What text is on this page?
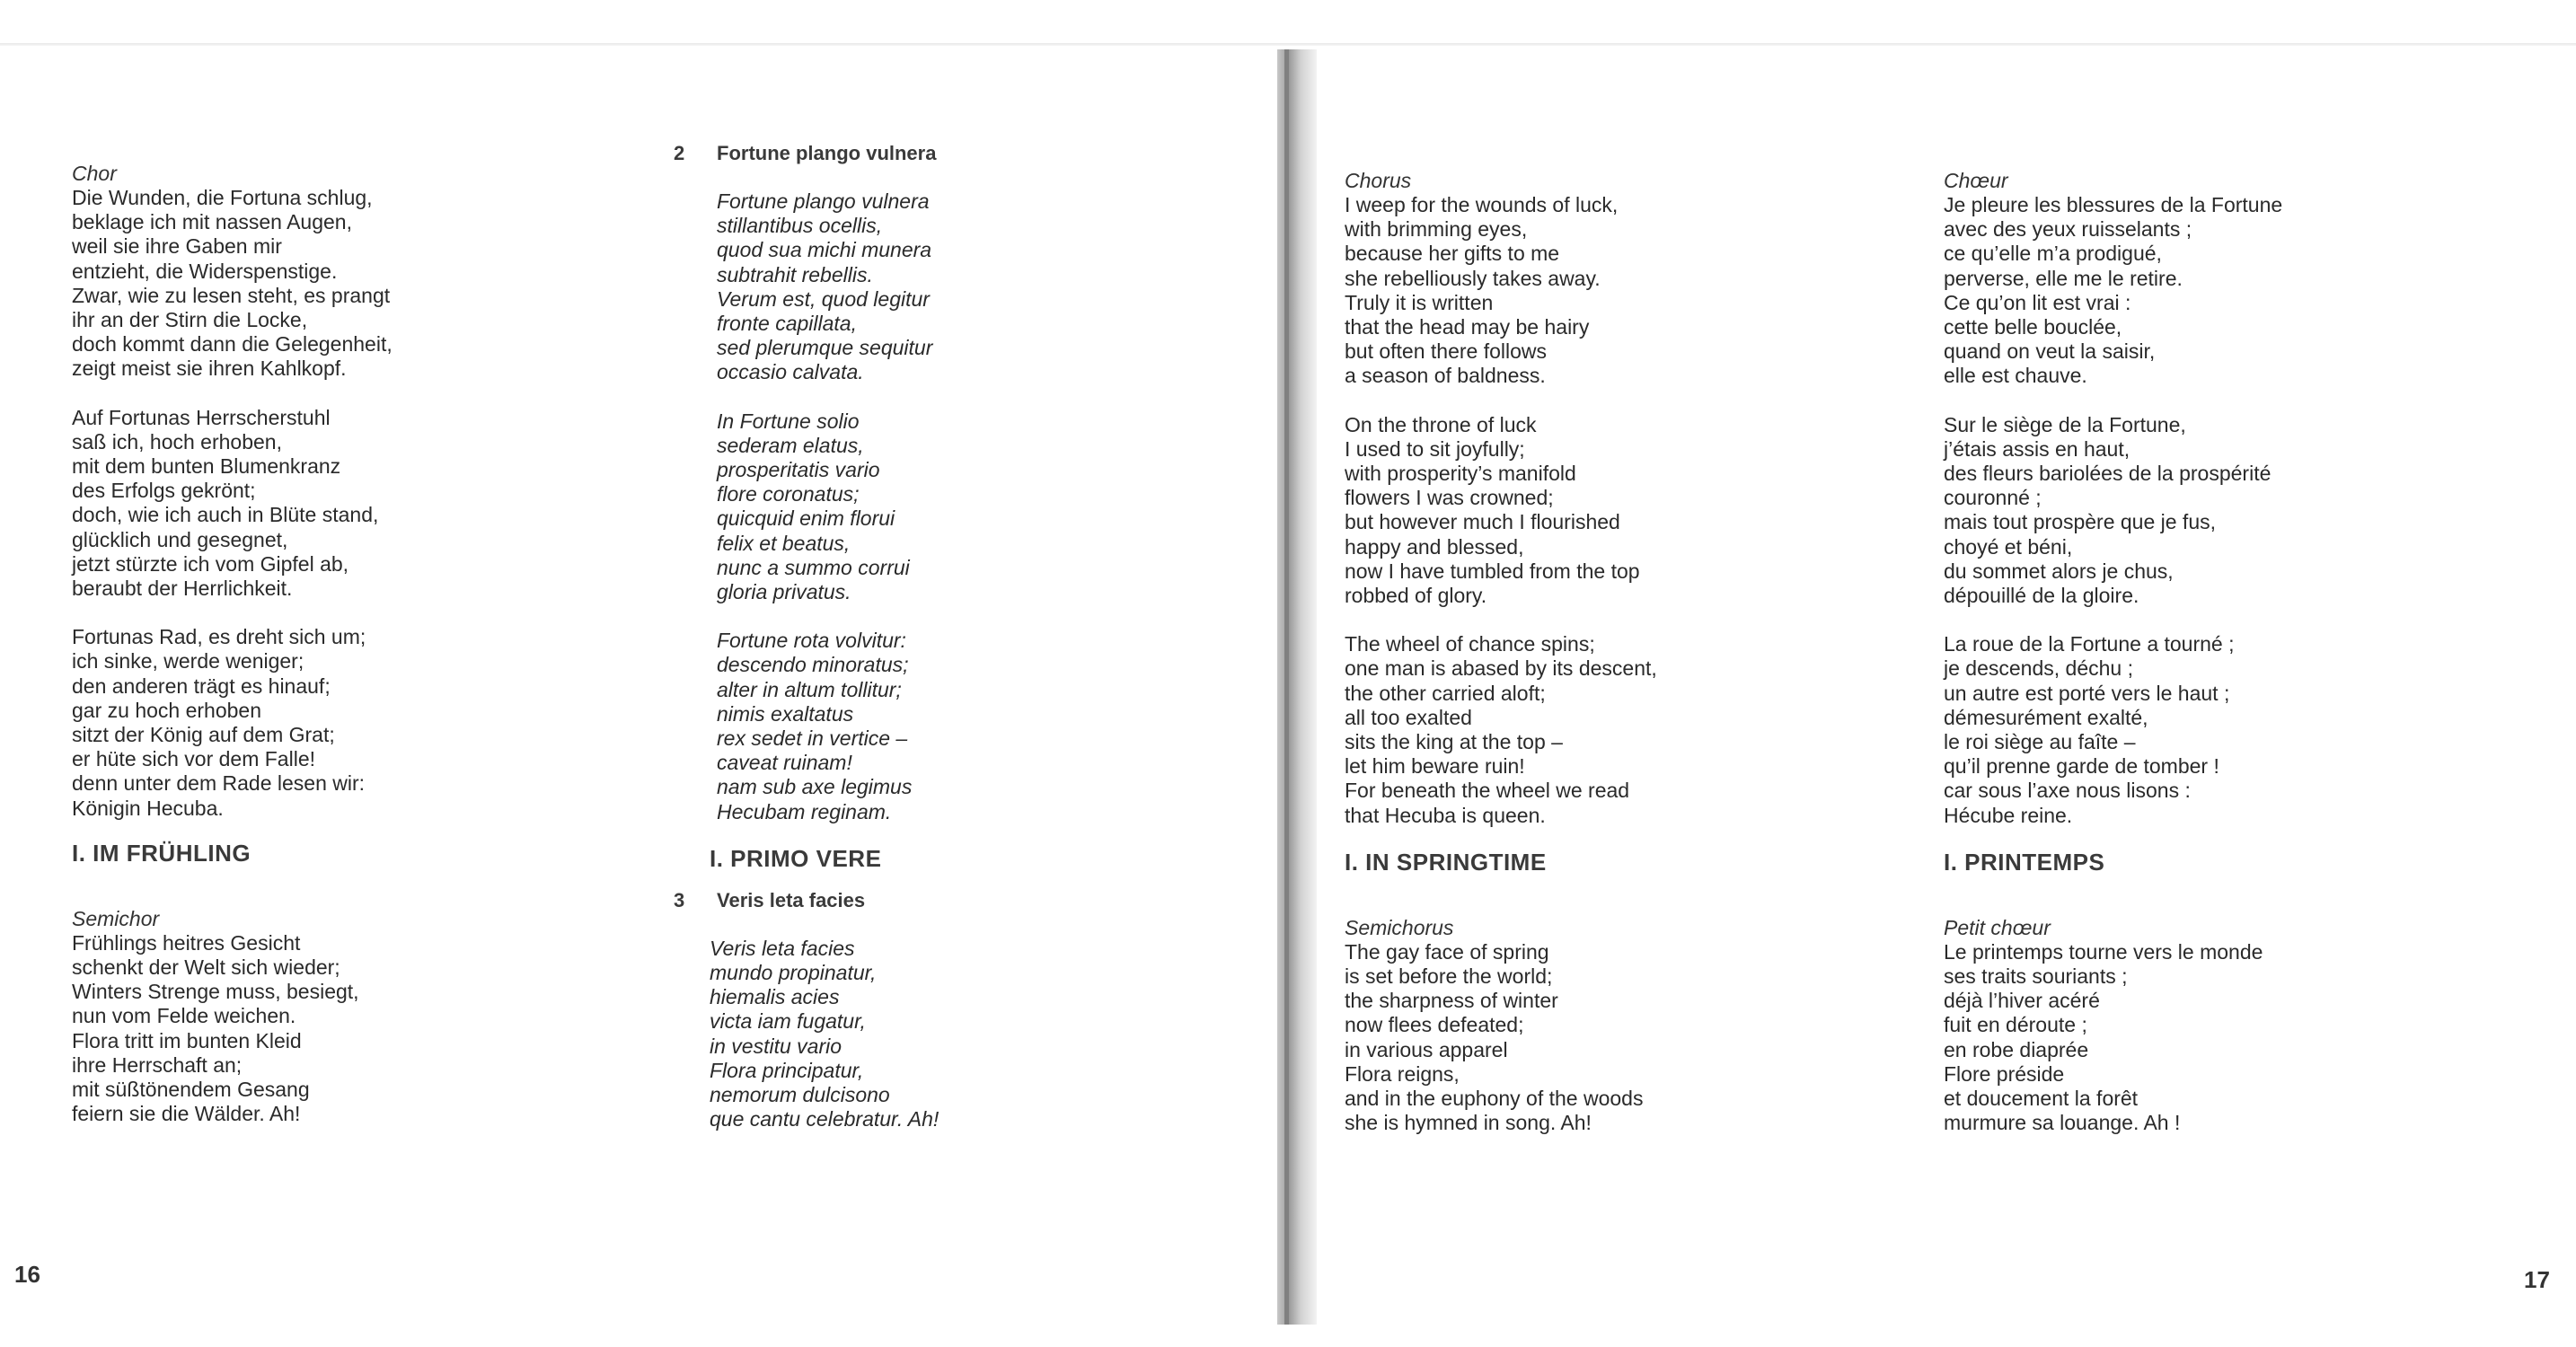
Chor

Die Wunden, die Fortuna schlug,
beklage ich mit nassen Augen,
weil sie ihre Gaben mir
entzieht, die Widerspenstige.
Zwar, wie zu lesen steht, es prangt
ihr an der Stirn die Locke,
doch kommt dann die Gelegenheit,
zeigt meist sie ihren Kahlkopf.
Auf Fortunas Herrscherstuhl
saß ich, hoch erhoben,
mit dem bunten Blumenkranz
des Erfolgs gekrönt;
doch, wie ich auch in Blüte stand,
glücklich und gesegnet,
jetzt stürzte ich vom Gipfel ab,
beraubt der Herrlichkeit.
Fortunas Rad, es dreht sich um;
ich sinke, werde weniger;
den anderen trägt es hinauf;
gar zu hoch erhoben
sitzt der König auf dem Grat;
er hüte sich vor dem Falle!
denn unter dem Rade lesen wir:
Königin Hecuba.

I. IM FRÜHLING

Semichor

Frühlings heitres Gesicht
schenkt der Welt sich wieder;
Winters Strenge muss, besiegt,
nun vom Felde weichen.
Flora tritt im bunten Kleid
ihre Herrschaft an;
mit süßtönendem Gesang
feiern sie die Wälder. Ah!
2	Fortune plango vulnera
Fortune plango vulnera
stillantibus ocellis,
quod sua michi munera
subtrahit rebellis.
Verum est, quod legitur
fronte capillata,
sed plerumque sequitur
occasio calvata.
In Fortune solio
sederam elatus,
prosperitatis vario
flore coronatus;
quicquid enim florui
felix et beatus,
nunc a summo corrui
gloria privatus.
Fortune rota volvitur:
descendo minoratus;
alter in altum tollitur;
nimis exaltatus
rex sedet in vertice –
caveat ruinam!
nam sub axe legimus
Hecubam reginam.

I. PRIMO VERE

3	Veris leta facies
Veris leta facies
mundo propinatur,
hiemalis acies
victa iam fugatur,
in vestitu vario
Flora principatur,
nemorum dulcisono
que cantu celebratur. Ah!
16

Chorus

I weep for the wounds of luck,
with brimming eyes,
because her gifts to me
she rebelliously takes away.
Truly it is written
that the head may be hairy
but often there follows
a season of baldness.
On the throne of luck
I used to sit joyfully;
with prosperity’s manifold
flowers I was crowned;
but however much I flourished
happy and blessed,
now I have tumbled from the top
robbed of glory.
The wheel of chance spins;
one man is abased by its descent,
the other carried aloft;
all too exalted
sits the king at the top –
let him beware ruin!
For beneath the wheel we read
that Hecuba is queen.

I. IN SPRINGTIME

Semichorus

The gay face of spring
is set before the world;
the sharpness of winter
now flees defeated;
in various apparel
Flora reigns,
and in the euphony of the woods
she is hymned in song. Ah!

Chœur

Je pleure les blessures de la Fortune
avec des yeux ruisselants ;
ce qu’elle m’a prodigué,
perverse, elle me le retire.
Ce qu’on lit est vrai :
cette belle bouclée,
quand on veut la saisir,
elle est chauve.
Sur le siège de la Fortune,
j’étais assis en haut,
des fleurs bariolées de la prospérité
couronné ;
mais tout prospère que je fus,
choyé et béni,
du sommet alors je chus,
dépouillé de la gloire.
La roue de la Fortune a tourné ;
je descends, déchu ;
un autre est porté vers le haut ;
démesurément exalté,
le roi siège au faîte –
qu’il prenne garde de tomber !
car sous l’axe nous lisons :
Hécube reine.

I. PRINTEMPS

Petit chœur

Le printemps tourne vers le monde
ses traits souriants ;
déjà l’hiver acéré
fuit en déroute ;
en robe diaprée
Flore préside
et doucement la forêt
murmure sa louange. Ah !
17
